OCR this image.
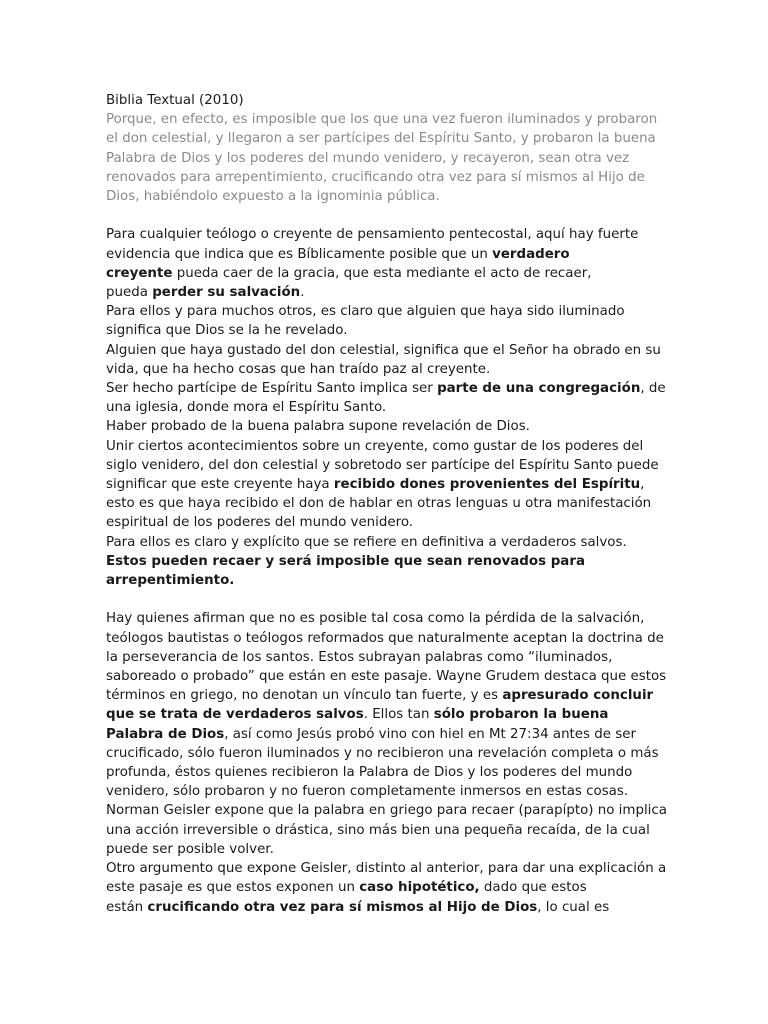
Biblia Textual (2010)
Porque, en efecto, es imposible que los que una vez fueron iluminados y probaron
el don celestial, y llegaron a ser partícipes del Espíritu Santo, y probaron la buena
Palabra de Dios y los poderes del mundo venidero, y recayeron, sean otra vez
renovados para arrepentimiento, crucificando otra vez para sí mismos al Hijo de
Dios, habiéndolo expuesto a la ignominia pública.
Para cualquier teólogo o creyente de pensamiento pentecostal, aquí hay fuerte
evidencia que indica que es Bíblicamente posible que un verdadero
creyente pueda caer de la gracia, que esta mediante el acto de recaer,
pueda perder su salvación.
Para ellos y para muchos otros, es claro que alguien que haya sido iluminado
significa que Dios se la he revelado.
Alguien que haya gustado del don celestial, significa que el Señor ha obrado en su
vida, que ha hecho cosas que han traído paz al creyente.
Ser hecho partícipe de Espíritu Santo implica ser parte de una congregación, de
una iglesia, donde mora el Espíritu Santo.
Haber probado de la buena palabra supone revelación de Dios.
Unir ciertos acontecimientos sobre un creyente, como gustar de los poderes del
siglo venidero, del don celestial y sobretodo ser partícipe del Espíritu Santo puede
significar que este creyente haya recibido dones provenientes del Espíritu,
esto es que haya recibido el don de hablar en otras lenguas u otra manifestación
espiritual de los poderes del mundo venidero.
Para ellos es claro y explícito que se refiere en definitiva a verdaderos salvos.
Estos pueden recaer y será imposible que sean renovados para
arrepentimiento.
Hay quienes afirman que no es posible tal cosa como la pérdida de la salvación,
teólogos bautistas o teólogos reformados que naturalmente aceptan la doctrina de
la perseverancia de los santos. Estos subrayan palabras como “iluminados,
saboreado o probado” que están en este pasaje. Wayne Grudem destaca que estos
términos en griego, no denotan un vínculo tan fuerte, y es apresurado concluir
que se trata de verdaderos salvos. Ellos tan sólo probaron la buena
Palabra de Dios, así como Jesús probó vino con hiel en Mt 27:34 antes de ser
crucificado, sólo fueron iluminados y no recibieron una revelación completa o más
profunda, éstos quienes recibieron la Palabra de Dios y los poderes del mundo
venidero, sólo probaron y no fueron completamente inmersos en estas cosas.
Norman Geisler expone que la palabra en griego para recaer (parapípto) no implica
una acción irreversible o drástica, sino más bien una pequeña recaída, de la cual
puede ser posible volver.
Otro argumento que expone Geisler, distinto al anterior, para dar una explicación a
este pasaje es que estos exponen un caso hipotético, dado que estos
están crucificando otra vez para sí mismos al Hijo de Dios, lo cual es
